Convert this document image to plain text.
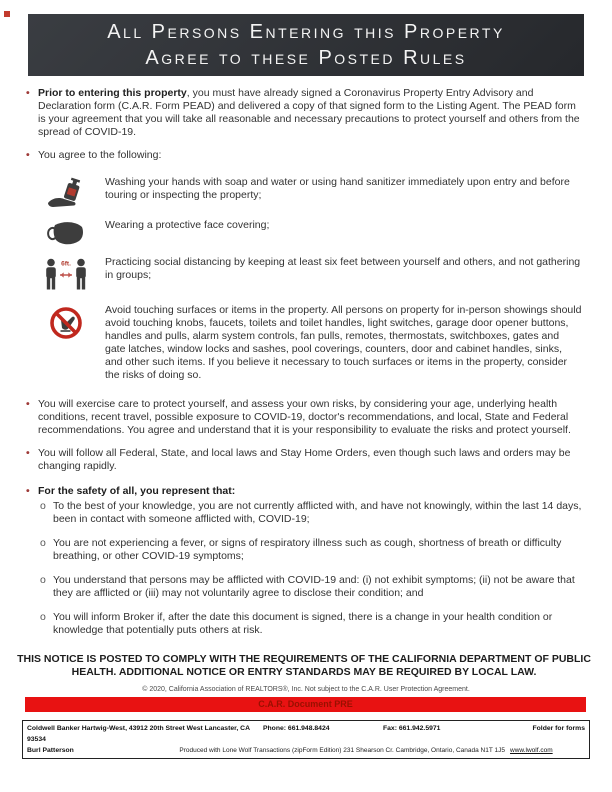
All Persons Entering this Property
Agree to these Posted Rules
• Prior to entering this property, you must have already signed a Coronavirus Property Entry Advisory and Declaration form (C.A.R. Form PEAD) and delivered a copy of that signed form to the Listing Agent. The PEAD form is your agreement that you will take all reasonable and necessary precautions to protect yourself and others from the spread of COVID-19.

• You agree to the following:

Washing your hands with soap and water or using hand sanitizer immediately upon entry and before touring or inspecting the property;

Wearing a protective face covering;

6ft.	Practicing social distancing by keeping at least six feet between yourself and others, and not gathering in groups;

Avoid touching surfaces or items in the property. All persons on property for in-person showings should avoid touching knobs, faucets, toilets and toilet handles, light switches, garage door opener buttons, handles and pulls, alarm system controls, fan pulls, remotes, thermostats, switchboxes, gates and gate latches, window locks and sashes, pool coverings, counters, door and cabinet handles, sinks, and other such items. If you believe it necessary to touch surfaces or items in the property, consider the risks of doing so.

• You will exercise care to protect yourself, and assess your own risks, by considering your age, underlying health conditions, recent travel, possible exposure to COVID-19, doctor's recommendations, and local, State and Federal recommendations. You agree and understand that it is your responsibility to evaluate the risks and protect yourself.

• You will follow all Federal, State, and local laws and Stay Home Orders, even though such laws and orders may be changing rapidly.

• For the safety of all, you represent that:

o To the best of your knowledge, you are not currently afflicted with, and have not knowingly, within the last 14 days, been in contact with someone afflicted with, COVID-19;

o You are not experiencing a fever, or signs of respiratory illness such as cough, shortness of breath or difficulty breathing, or other COVID-19 symptoms;

o You understand that persons may be afflicted with COVID-19 and: (i) not exhibit symptoms; (ii) not be aware that they are afflicted or (iii) may not voluntarily agree to disclose their condition; and

o You will inform Broker if, after the date this document is signed, there is a change in your health condition or knowledge that potentially puts others at risk.

THIS NOTICE IS POSTED TO COMPLY WITH THE REQUIREMENTS OF THE CALIFORNIA DEPARTMENT OF PUBLIC HEALTH. ADDITIONAL NOTICE OR ENTRY STANDARDS MAY BE REQUIRED BY LOCAL LAW.

© 2020, California Association of REALTORS®, Inc. Not subject to the C.A.R. User Protection Agreement.

C.A.R. Document PRE
Coldwell Banker Hartwig-West, 43912 20th Street West Lancaster, CA 93534
Phone: 661.948.8424	Fax: 661.942.5971	Folder for forms
Burl Patterson	Produced with Lone Wolf Transactions (zipForm Edition) 231 Shearson Cr. Cambridge, Ontario, Canada N1T 1J5 www.lwolf.com
